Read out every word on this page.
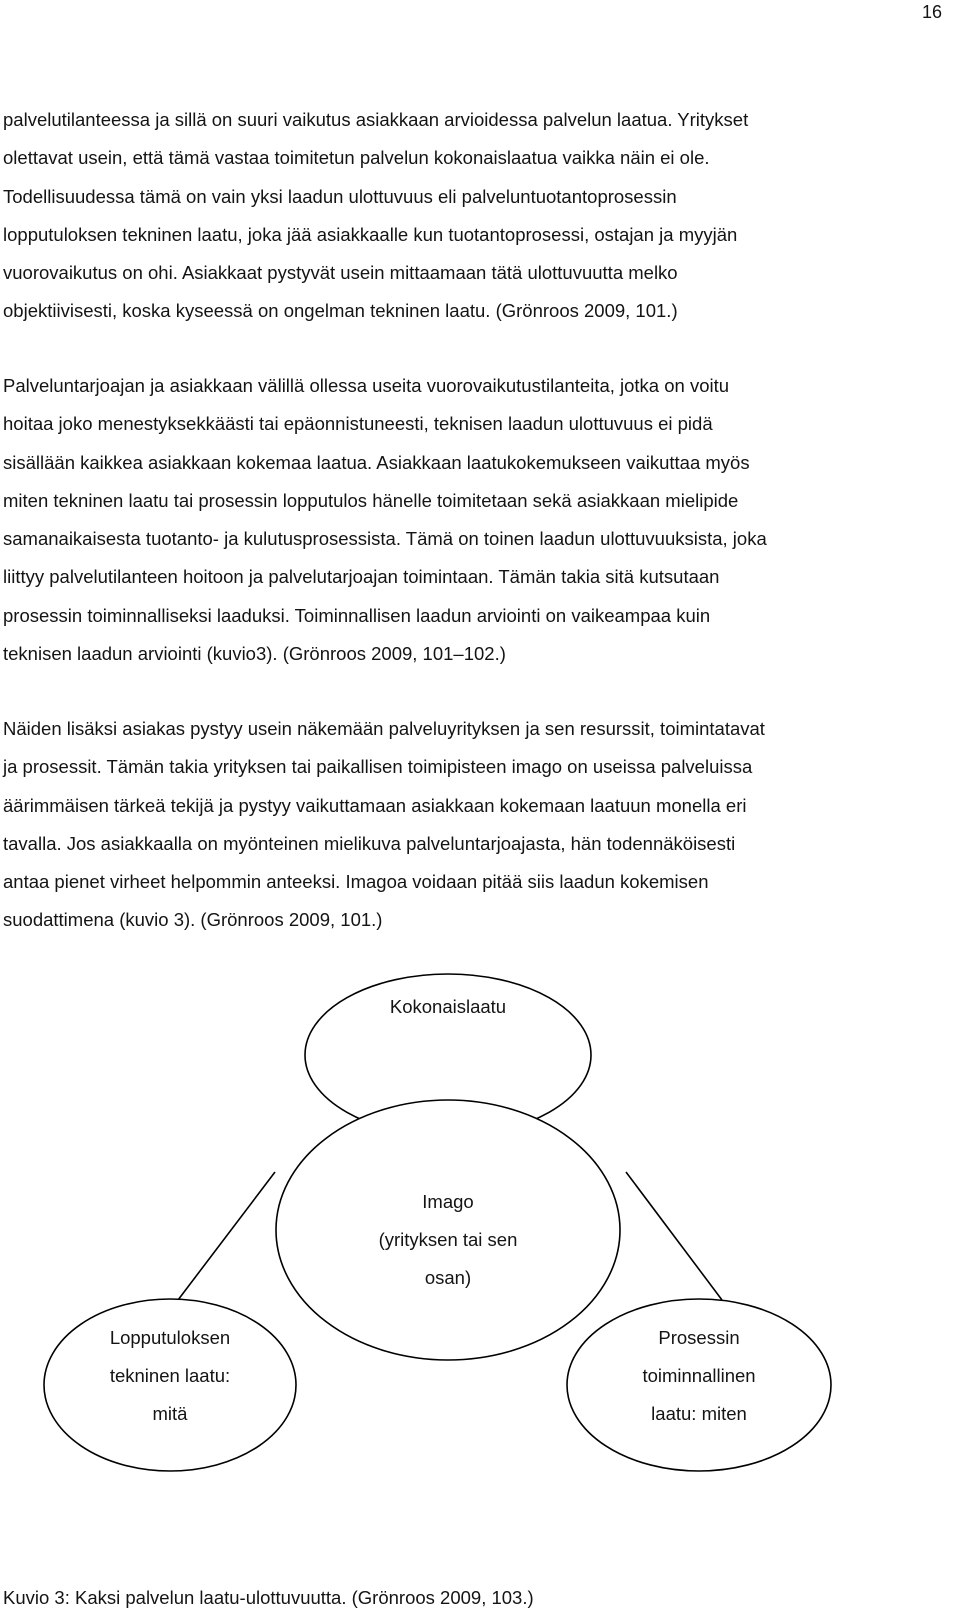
16
palvelutilanteessa ja sillä on suuri vaikutus asiakkaan arvioidessa palvelun laatua. Yritykset
olettavat usein, että tämä vastaa toimitetun palvelun kokonaislaatua vaikka näin ei ole.
Todellisuudessa tämä on vain yksi laadun ulottuvuus eli palveluntuotantoprosessin
lopputuloksen tekninen laatu, joka jää asiakkaalle kun tuotantoprosessi, ostajan ja myyjän
vuorovaikutus on ohi. Asiakkaat pystyvät usein mittaamaan tätä ulottuvuutta melko
objektiivisesti, koska kyseessä on ongelman tekninen laatu. (Grönroos 2009, 101.)
Palveluntarjoajan ja asiakkaan välillä ollessa useita vuorovaikutustilanteita, jotka on voitu
hoitaa joko menestyksekkäästi tai epäonnistuneesti, teknisen laadun ulottuvuus ei pidä
sisällään kaikkea asiakkaan kokemaa laatua. Asiakkaan laatukokemukseen vaikuttaa myös
miten tekninen laatu tai prosessin lopputulos hänelle toimitetaan sekä asiakkaan mielipide
samanaikaisesta tuotanto- ja kulutusprosessista. Tämä on toinen laadun ulottuvuuksista, joka
liittyy palvelutilanteen hoitoon ja palvelutarjoajan toimintaan. Tämän takia sitä kutsutaan
prosessin toiminnalliseksi laaduksi. Toiminnallisen laadun arviointi on vaikeampaa kuin
teknisen laadun arviointi (kuvio3). (Grönroos 2009, 101–102.)
Näiden lisäksi asiakas pystyy usein näkemään palveluyrityksen ja sen resurssit, toimintatavat
ja prosessit. Tämän takia yrityksen tai paikallisen toimipisteen imago on useissa palveluissa
äärimmäisen tärkeä tekijä ja pystyy vaikuttamaan asiakkaan kokemaan laatuun monella eri
tavalla. Jos asiakkaalla on myönteinen mielikuva palveluntarjoajasta, hän todennäköisesti
antaa pienet virheet helpommin anteeksi. Imagoa voidaan pitää siis laadun kokemisen
suodattimena (kuvio 3). (Grönroos 2009, 101.)
Kokonaislaatu
Imago
(yrityksen tai sen
osan)
Lopputuloksen
tekninen laatu:
mitä
Prosessin
toiminnallinen
laatu: miten

Kuvio 3: Kaksi palvelun laatu-ulottuvuutta. (Grönroos 2009, 103.)
